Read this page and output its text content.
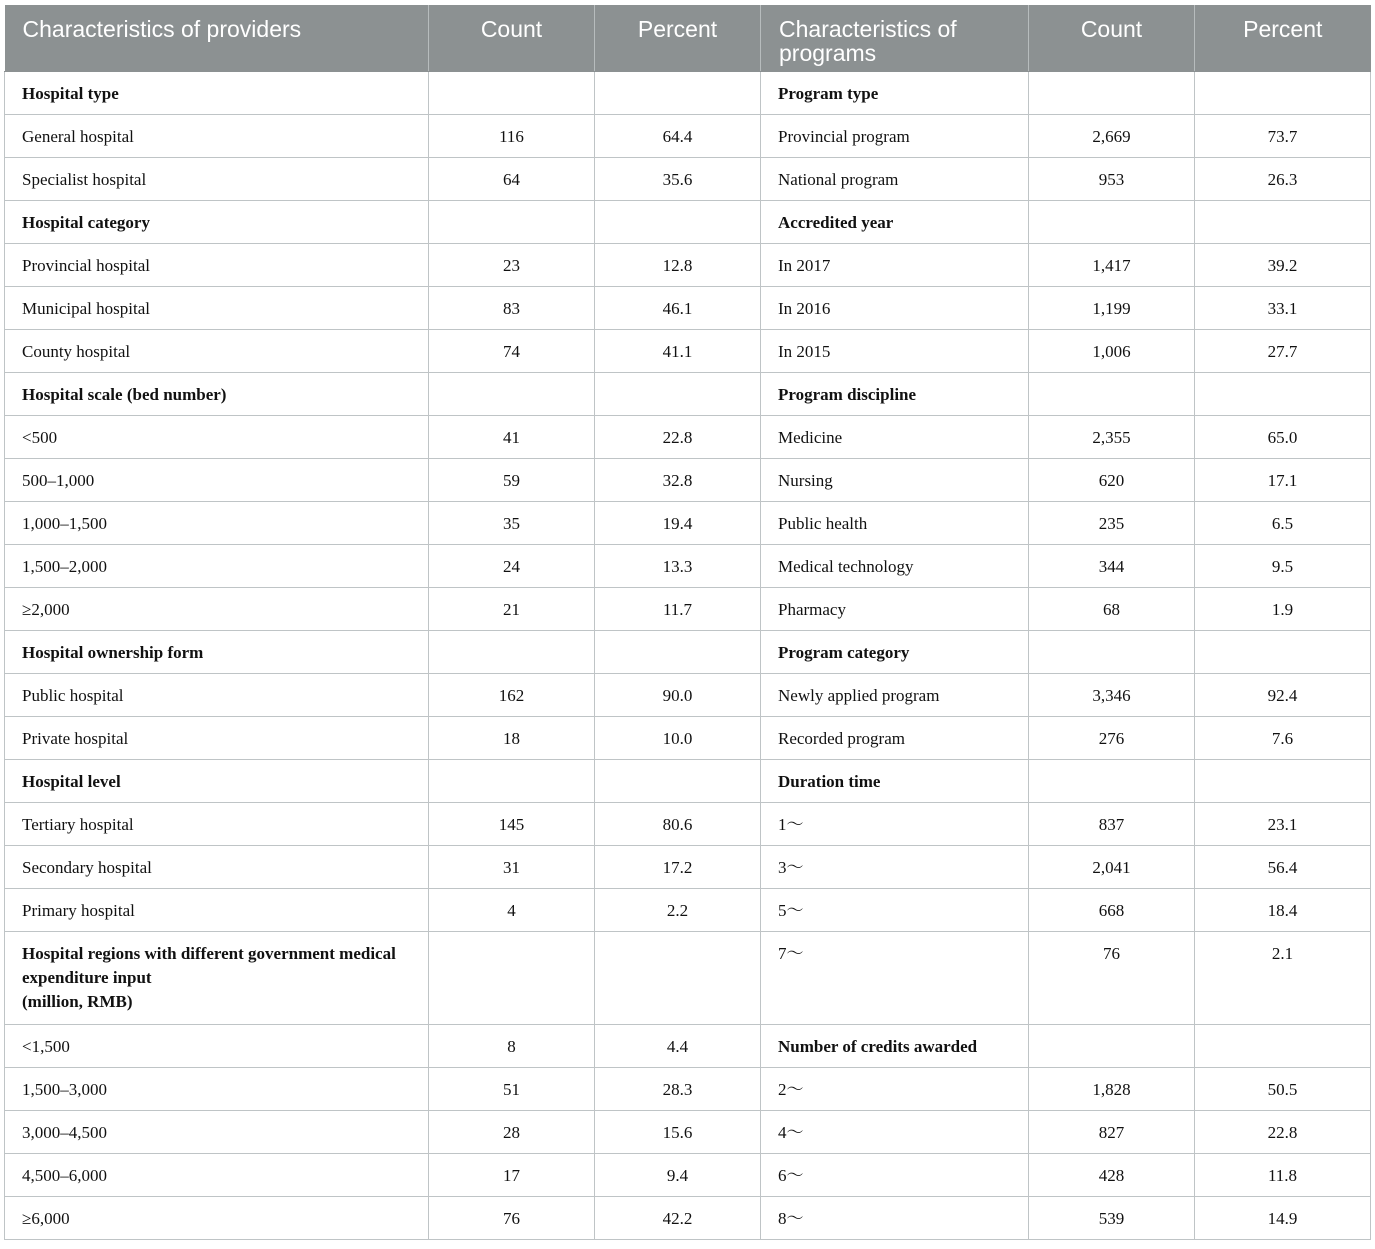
Characteristics of providers	Count	Percent	Characteristics of programs	Count	Percent
Hospital type			Program type		
General hospital	116	64.4	Provincial program	2,669	73.7
Specialist hospital	64	35.6	National program	953	26.3
Hospital category			Accredited year		
Provincial hospital	23	12.8	In 2017	1,417	39.2
Municipal hospital	83	46.1	In 2016	1,199	33.1
County hospital	74	41.1	In 2015	1,006	27.7
Hospital scale (bed number)			Program discipline		
<500	41	22.8	Medicine	2,355	65.0
500–1,000	59	32.8	Nursing	620	17.1
1,000–1,500	35	19.4	Public health	235	6.5
1,500–2,000	24	13.3	Medical technology	344	9.5
≥2,000	21	11.7	Pharmacy	68	1.9
Hospital ownership form			Program category		
Public hospital	162	90.0	Newly applied program	3,346	92.4
Private hospital	18	10.0	Recorded program	276	7.6
Hospital level			Duration time		
Tertiary hospital	145	80.6	1～	837	23.1
Secondary hospital	31	17.2	3～	2,041	56.4
Primary hospital	4	2.2	5～	668	18.4
Hospital regions with different government medical expenditure input
(million, RMB)			7～	76	2.1
<1,500	8	4.4	Number of credits awarded		
1,500–3,000	51	28.3	2～	1,828	50.5
3,000–4,500	28	15.6	4～	827	22.8
4,500–6,000	17	9.4	6～	428	11.8
≥6,000	76	42.2	8～	539	14.9
